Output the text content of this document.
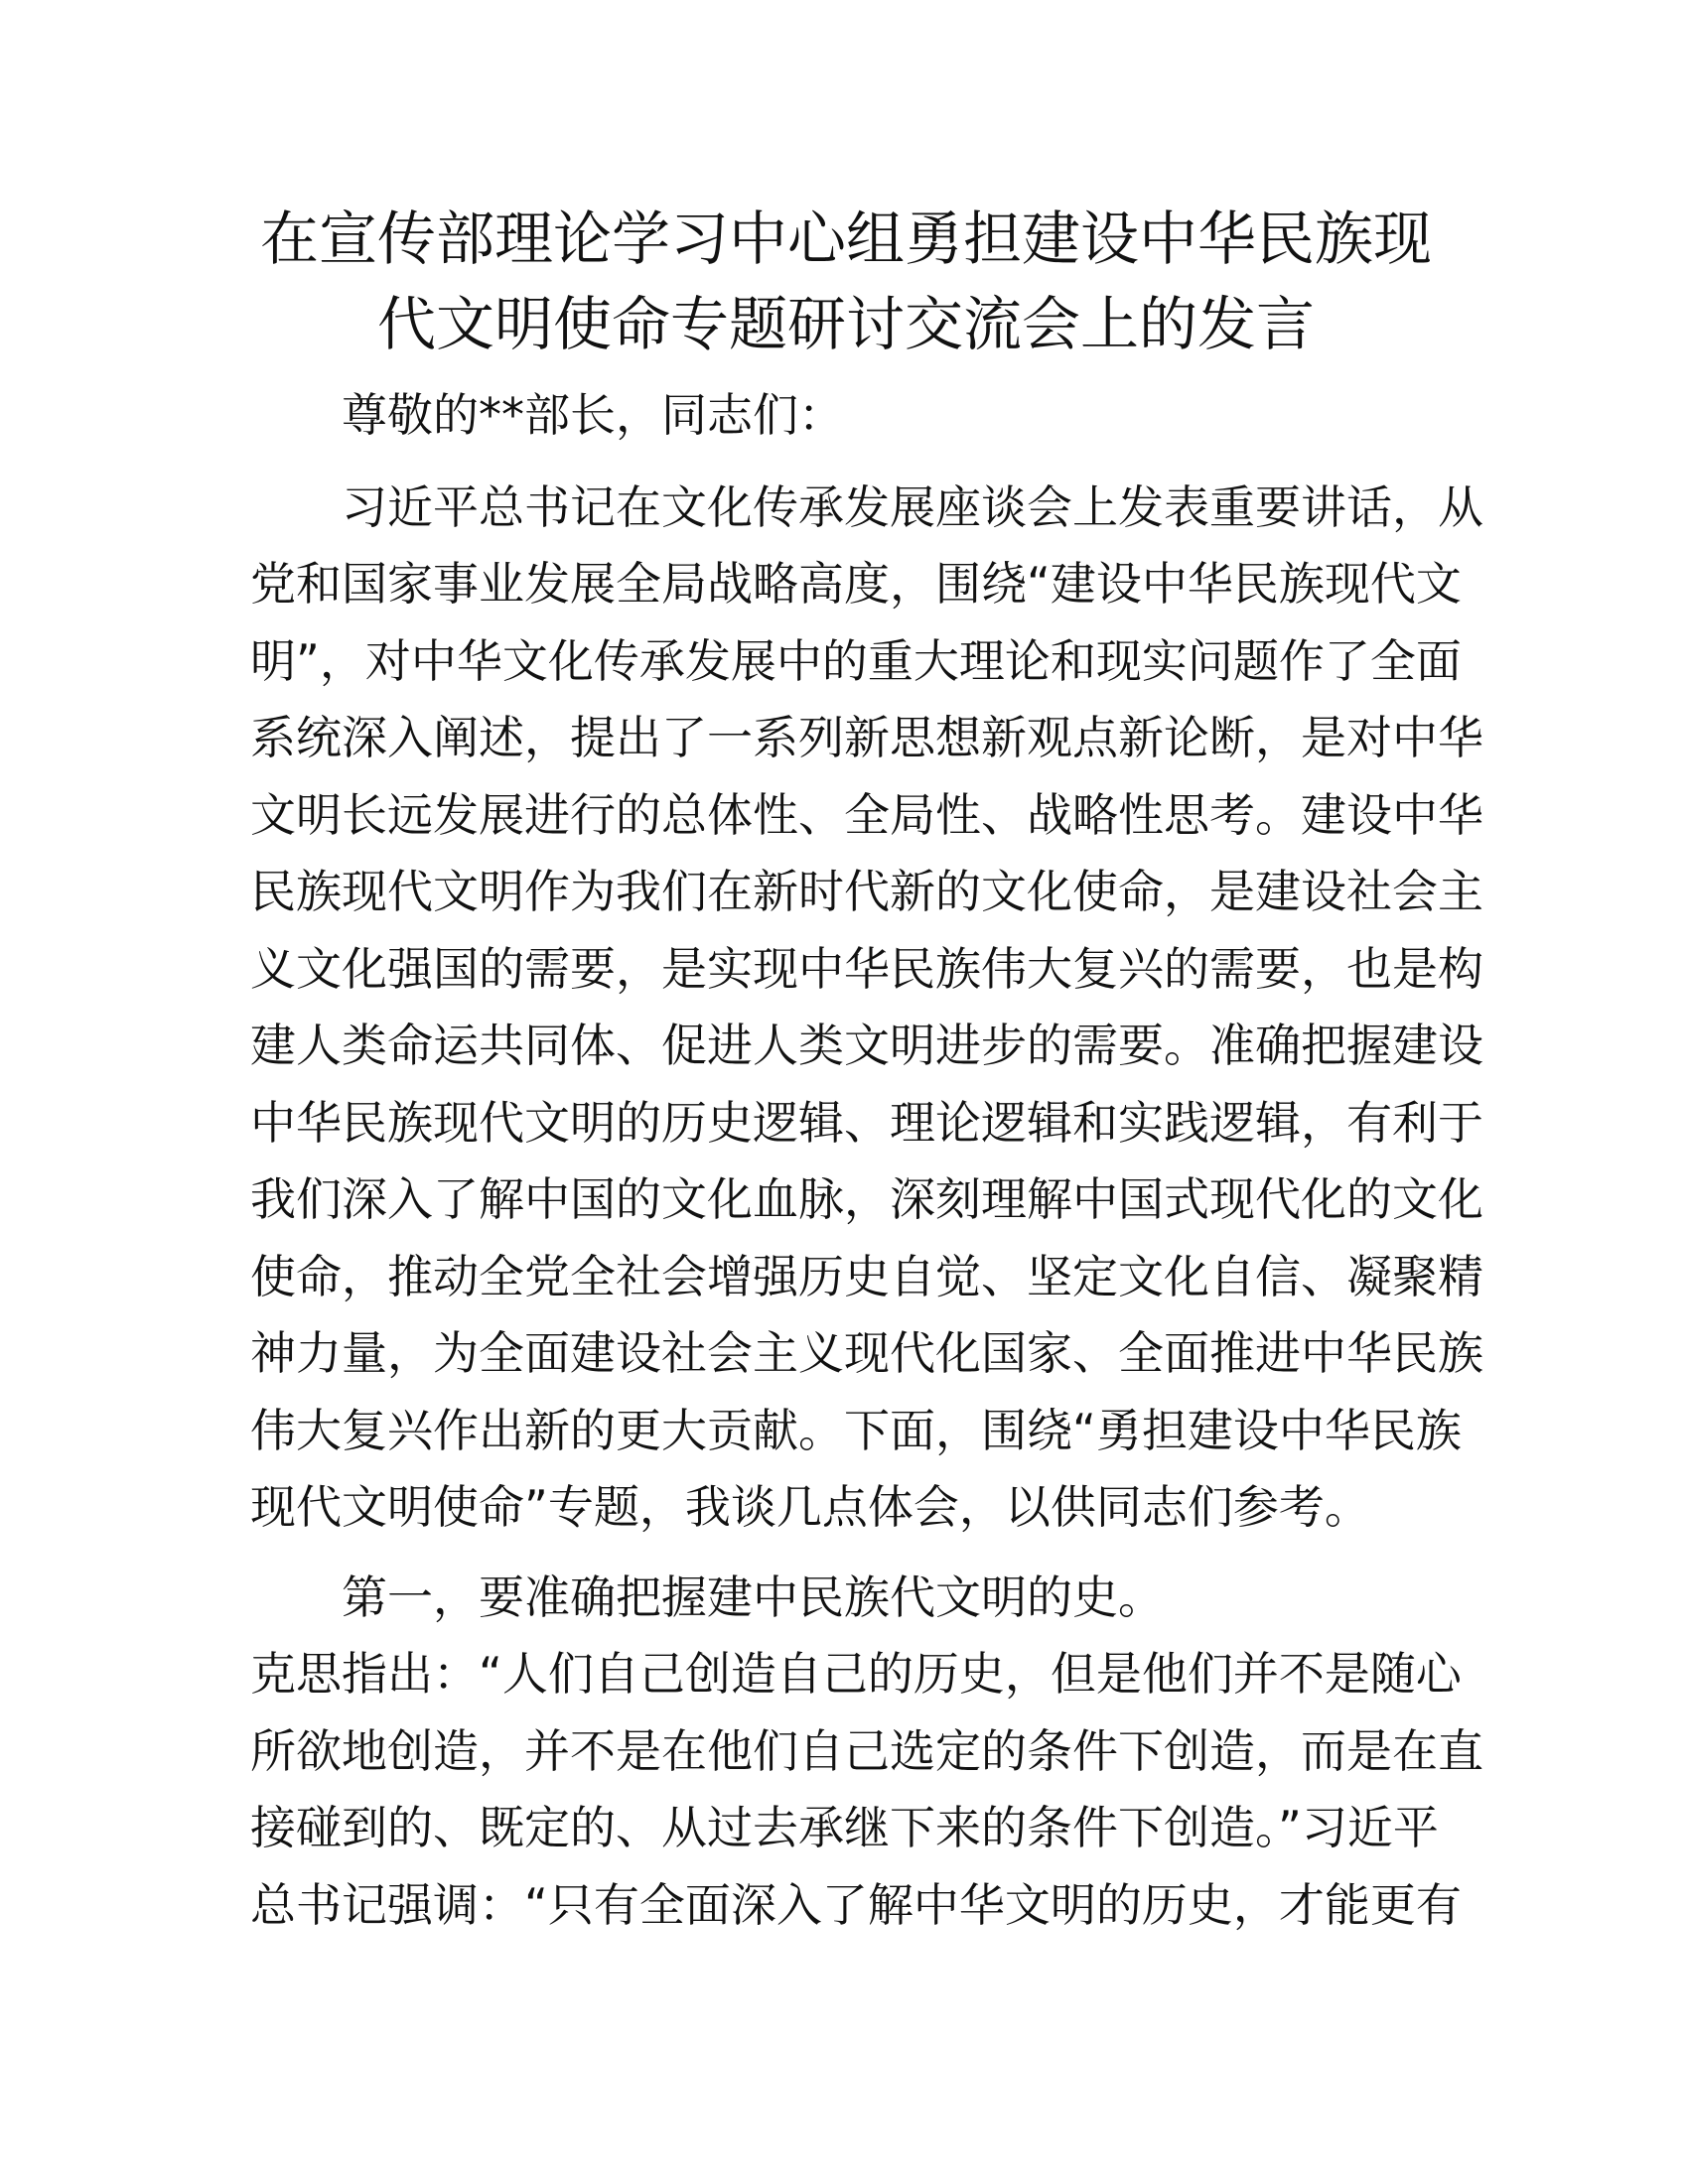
在宣传部理论学习中心组勇担建设中华民族现
代文明使命专题研讨交流会上的发言

尊敬的**部长，同志们：

习近平总书记在文化传承发展座谈会上发表重要讲话，从
党和国家事业发展全局战略高度，围绕“建设中华民族现代文
明”，对中华文化传承发展中的重大理论和现实问题作了全面
系统深入阐述，提出了一系列新思想新观点新论断，是对中华
文明长远发展进行的总体性、全局性、战略性思考。建设中华
民族现代文明作为我们在新时代新的文化使命，是建设社会主
义文化强国的需要，是实现中华民族伟大复兴的需要，也是构
建人类命运共同体、促进人类文明进步的需要。准确把握建设
中华民族现代文明的历史逻辑、理论逻辑和实践逻辑，有利于
我们深入了解中国的文化血脉，深刻理解中国式现代化的文化
使命，推动全党全社会增强历史自觉、坚定文化自信、凝聚精
神力量，为全面建设社会主义现代化国家、全面推进中华民族
伟大复兴作出新的更大贡献。下面，围绕“勇担建设中华民族
现代文明使命”专题，我谈几点体会，以供同志们参考。
第一，要准确把握建中民族代文明的史。
克思指出：“人们自己创造自己的历史，但是他们并不是随心
所欲地创造，并不是在他们自己选定的条件下创造，而是在直
接碰到的、既定的、从过去承继下来的条件下创造。”习近平
总书记强调：“只有全面深入了解中华文明的历史，才能更有
